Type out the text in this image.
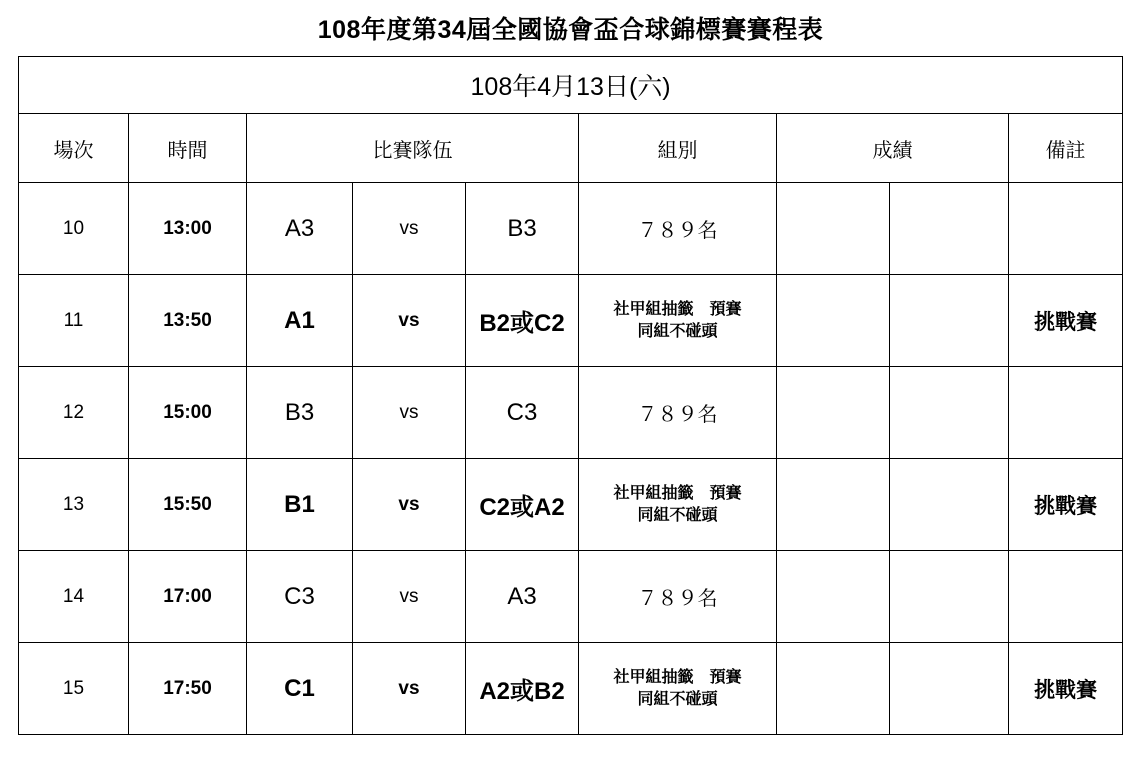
108年度第34屆全國協會盃合球錦標賽賽程表
108年4月13日(六)								
場次	時間	比賽隊伍			組別	成績		備註
10	13:00	A3	vs	B3	７８９名			

11	13:50	A1	vs	B2或C2	社甲組抽籤　預賽
同組不碰頭			挑戰賽
12	15:00	B3	vs	C3	７８９名			

13	15:50	B1	vs	C2或A2	社甲組抽籤　預賽
同組不碰頭			挑戰賽
14	17:00	C3	vs	A3	７８９名			

15	17:50	C1	vs	A2或B2	社甲組抽籤　預賽
同組不碰頭			挑戰賽
